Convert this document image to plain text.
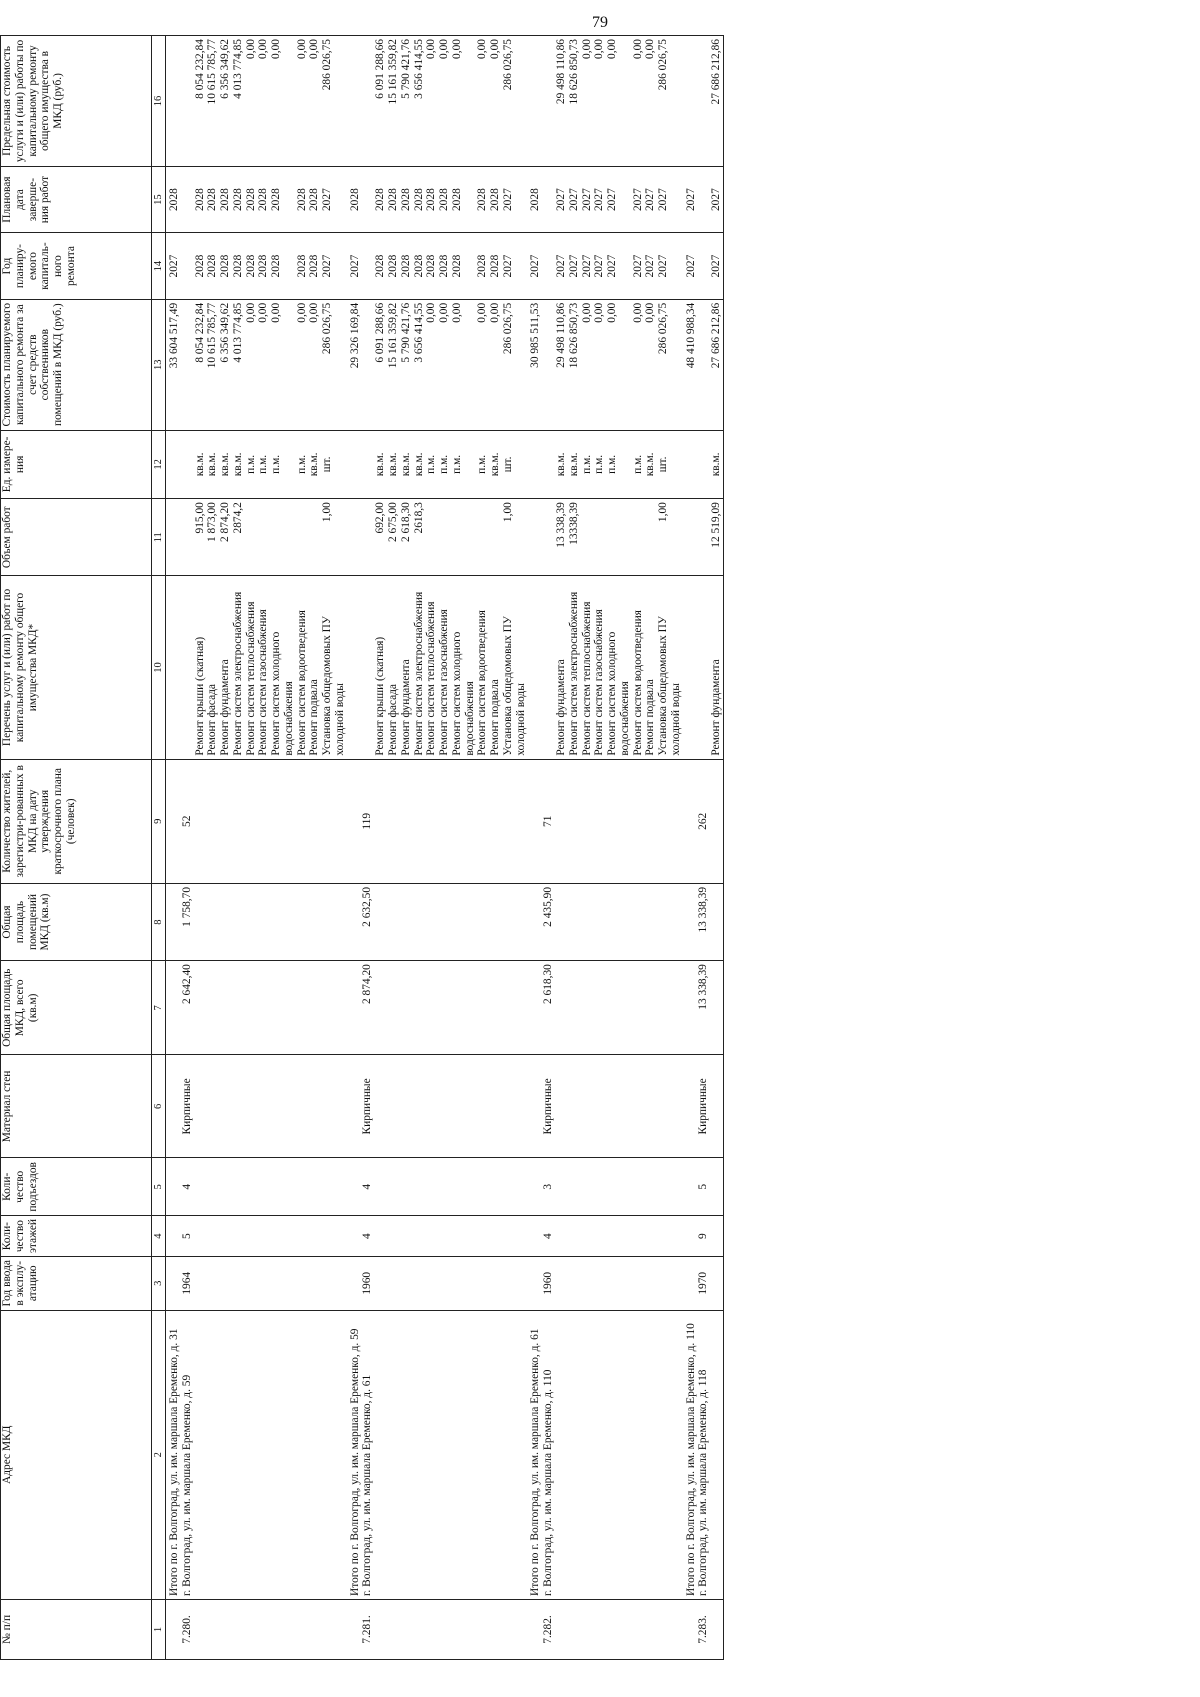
79
№ п/п	Адрес МКД	Год ввода в эксплу-атацию	Коли-чество этажей	Коли-чество подъездов	Материал стен	Общая площадь МКД, всего (кв.м)	Общая площадь помещений МКД (кв.м)	Количество жителей, зарегистри-рованных в МКД на дату утверждения краткосрочного плана (человек)	Перечень услуг и (или) работ по капитальному ремонту общего имущества МКД*	Объем работ	Ед. измере-ния	Стоимость планируемого капитального ремонта за счет средств собственников помещений в МКД (руб.)	Год планиру-емого капиталь-ного ремонта	Плановая дата заверше-ния работ	Предельная стоимость услуги и (или) работы по капитальному ремонту общего имущества в МКД (руб.)
1	2	3	4	5	6	7	8	9	10	11	12	13	14	15	16
	Итого по г. Волгоград, ул. им. маршала Еременко, д. 31											33 604 517,49	2027	2028	
7.280.	г. Волгоград, ул. им. маршала Еременко, д. 59	1964	5	4	Кирпичные	2 642,40	1 758,70	52							
									Ремонт крыши (скатная)	915,00	кв.м.	8 054 232,84	2028	2028	8 054 232,84
									Ремонт фасада	1 873,00	кв.м.	10 615 785,77	2028	2028	10 615 785,77
									Ремонт фундамента	2 874,20	кв.м.	6 356 349,62	2028	2028	6 356 349,62
									Ремонт систем электроснабжения	2874,2	кв.м.	4 013 774,85	2028	2028	4 013 774,85
									Ремонт систем теплоснабжения		п.м.	0,00	2028	2028	0,00
									Ремонт систем газоснабжения		п.м.	0,00	2028	2028	0,00
									Ремонт систем холодного водоснабжения		п.м.	0,00	2028	2028	0,00
									Ремонт систем водоотведения		п.м.	0,00	2028	2028	0,00
									Ремонт подвала		кв.м.	0,00	2028	2028	0,00
									Установка общедомовых ПУ холодной воды	1,00	шт.	286 026,75	2027	2027	286 026,75
	Итого по г. Волгоград, ул. им. маршала Еременко, д. 59											29 326 169,84	2027	2028	
7.281.	г. Волгоград, ул. им. маршала Еременко, д. 61	1960	4	4	Кирпичные	2 874,20	2 632,50	119							
									Ремонт крыши (скатная)	692,00	кв.м.	6 091 288,66	2028	2028	6 091 288,66
									Ремонт фасада	2 675,00	кв.м.	15 161 359,82	2028	2028	15 161 359,82
									Ремонт фундамента	2 618,30	кв.м.	5 790 421,76	2028	2028	5 790 421,76
									Ремонт систем электроснабжения	2618,3	кв.м.	3 656 414,55	2028	2028	3 656 414,55
									Ремонт систем теплоснабжения		п.м.	0,00	2028	2028	0,00
									Ремонт систем газоснабжения		п.м.	0,00	2028	2028	0,00
									Ремонт систем холодного водоснабжения		п.м.	0,00	2028	2028	0,00
									Ремонт систем водоотведения		п.м.	0,00	2028	2028	0,00
									Ремонт подвала		кв.м.	0,00	2028	2028	0,00
									Установка общедомовых ПУ холодной воды	1,00	шт.	286 026,75	2027	2027	286 026,75
	Итого по г. Волгоград, ул. им. маршала Еременко, д. 61											30 985 511,53	2027	2028	
7.282.	г. Волгоград, ул. им. маршала Еременко, д. 110	1960	4	3	Кирпичные	2 618,30	2 435,90	71							
									Ремонт фундамента	13 338,39	кв.м.	29 498 110,86	2027	2027	29 498 110,86
									Ремонт систем электроснабжения	13338,39	кв.м.	18 626 850,73	2027	2027	18 626 850,73
									Ремонт систем теплоснабжения		п.м.	0,00	2027	2027	0,00
									Ремонт систем газоснабжения		п.м.	0,00	2027	2027	0,00
									Ремонт систем холодного водоснабжения		п.м.	0,00	2027	2027	0,00
									Ремонт систем водоотведения		п.м.	0,00	2027	2027	0,00
									Ремонт подвала		кв.м.	0,00	2027	2027	0,00
									Установка общедомовых ПУ холодной воды	1,00	шт.	286 026,75	2027	2027	286 026,75
	Итого по г. Волгоград, ул. им. маршала Еременко, д. 110											48 410 988,34	2027	2027	
7.283.	г. Волгоград, ул. им. маршала Еременко, д. 118	1970	9	5	Кирпичные	13 338,39	13 338,39	262							
									Ремонт фундамента	12 519,09	кв.м.	27 686 212,86	2027	2027	27 686 212,86
